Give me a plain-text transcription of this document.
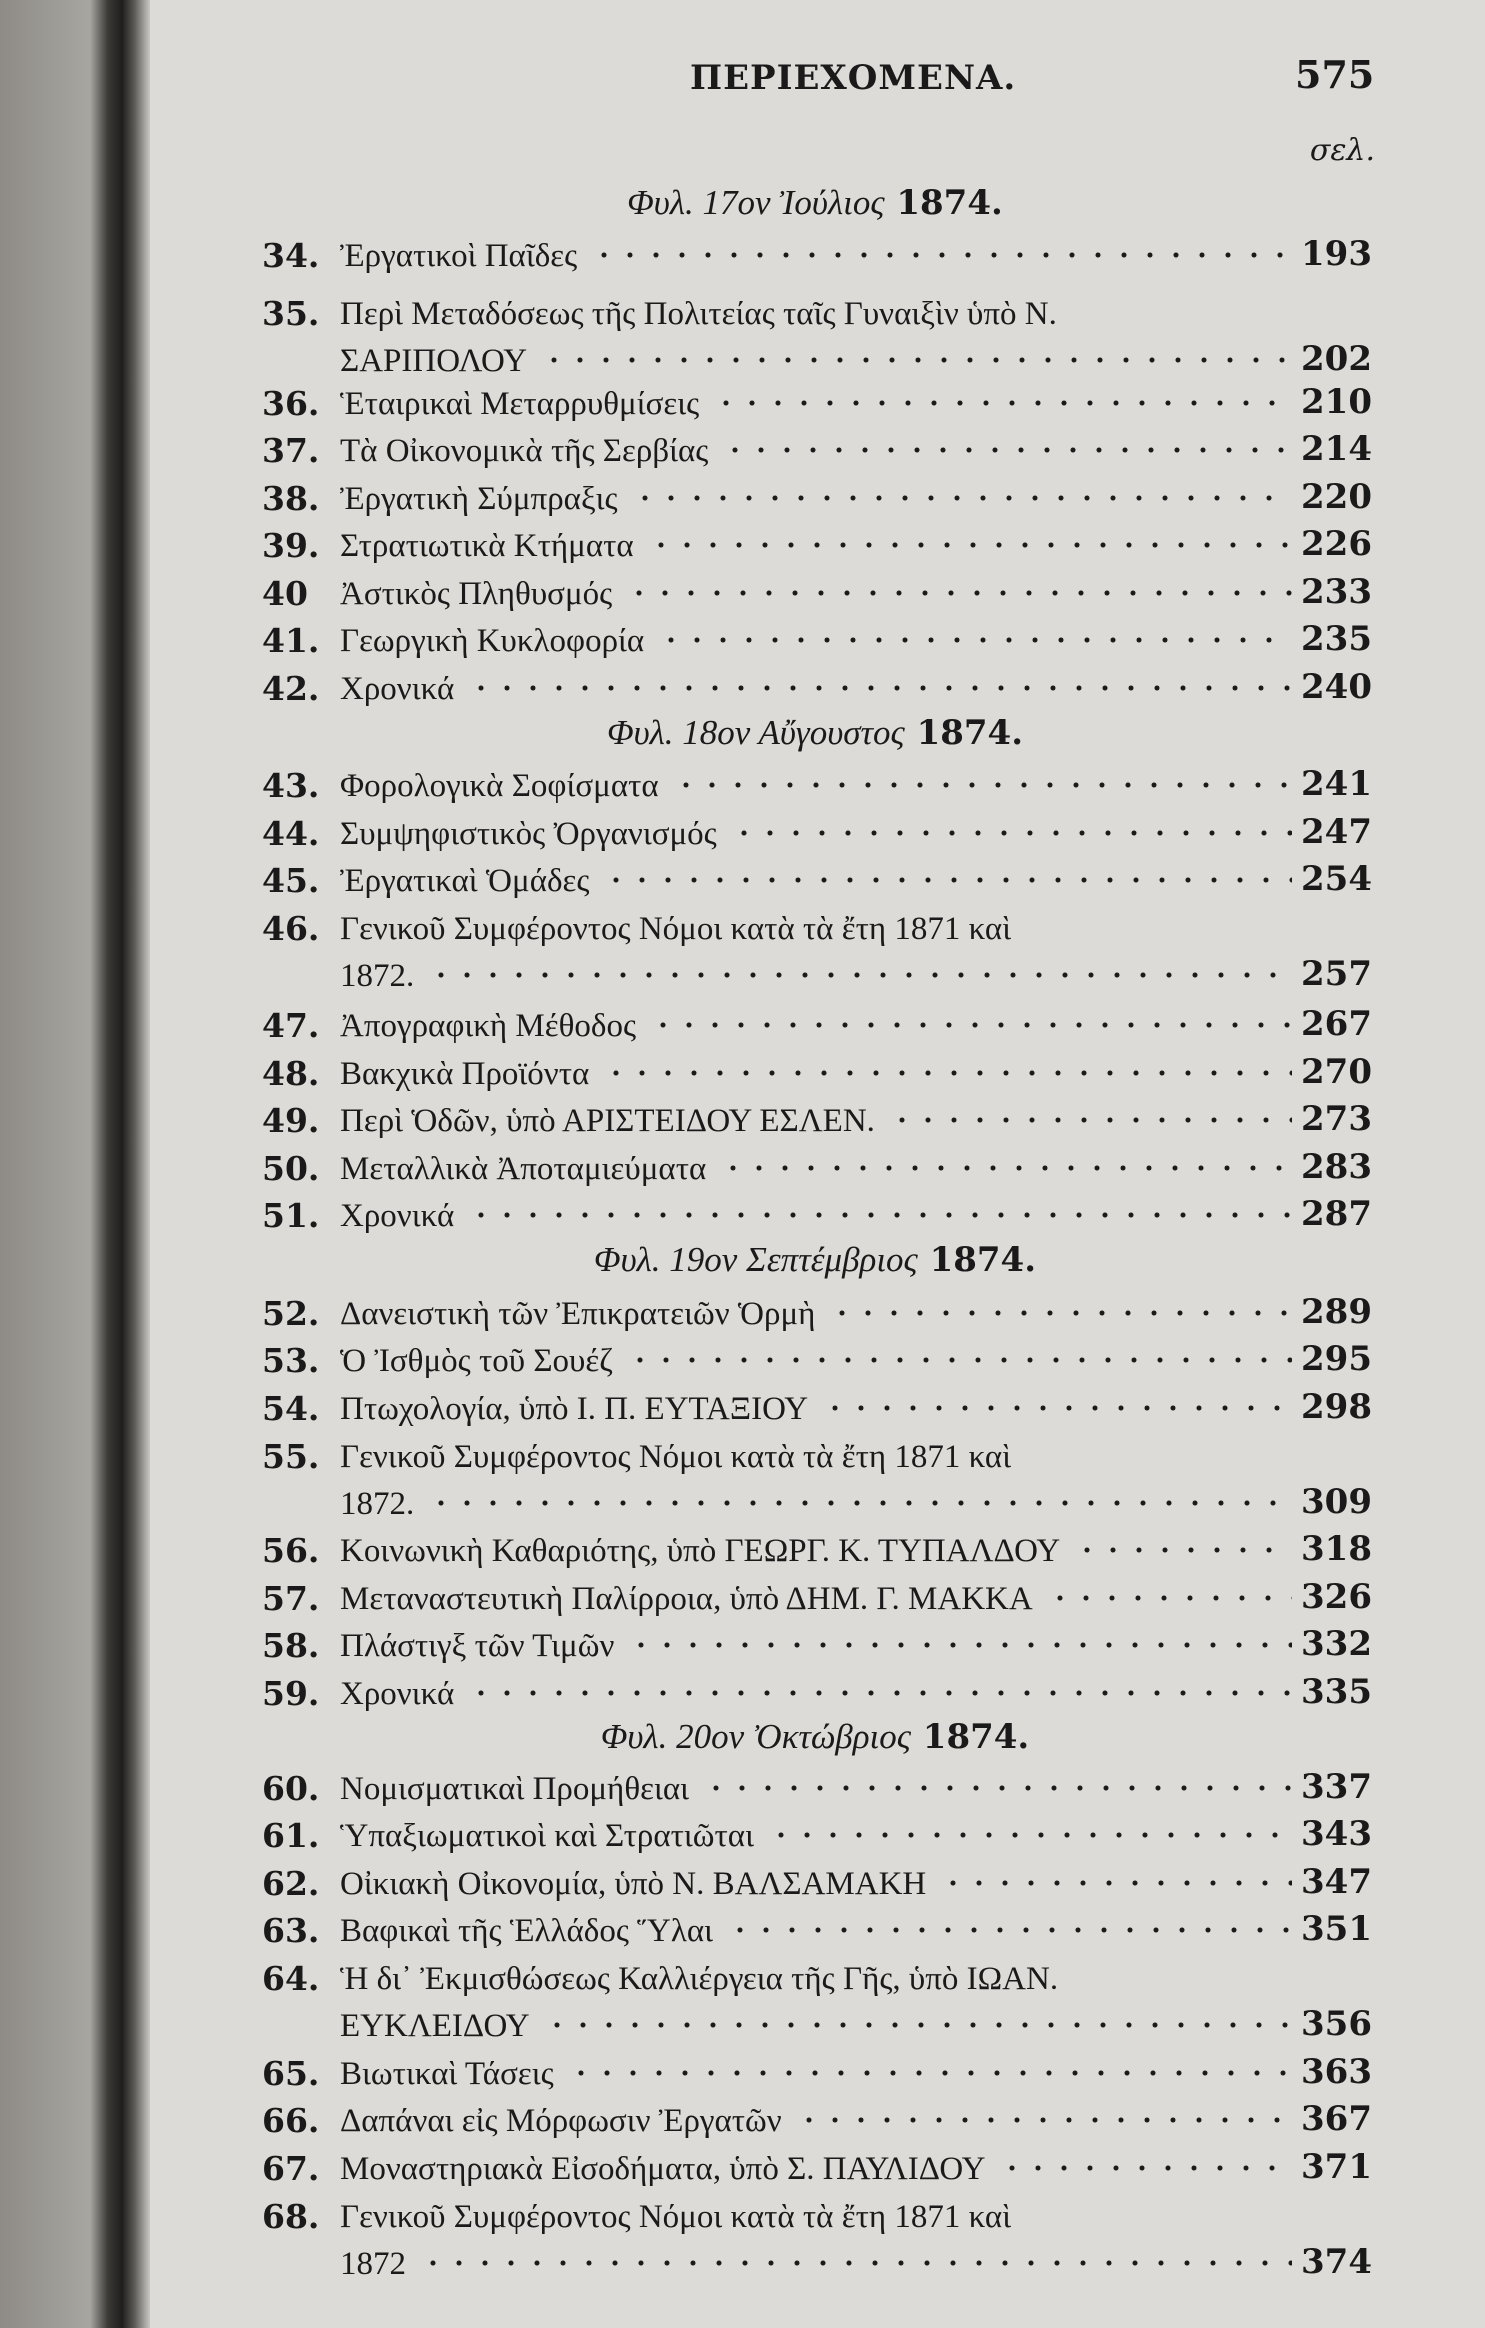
ΠΕΡΙΕΧΟΜΕΝΑ.	575
σελ.
Φυλ. 17ον Ἰούλιος 1874.
Φυλ. 18ον Αὔγουστος 1874.
Φυλ. 19ον Σεπτέμβριος 1874.
Φυλ. 20ον Ὀκτώβριος 1874.
34. Ἐργατικοὶ Παῖδες	193
35. Περὶ Μεταδόσεως τῆς Πολιτείας ταῖς Γυναιξὶν ὑπὸ Ν.
ΣΑΡΙΠΟΛΟΥ	202
36. Ἑταιρικαὶ Μεταρρυθμίσεις	210
37. Τὰ Οἰκονομικὰ τῆς Σερβίας	214
38. Ἐργατικὴ Σύμπραξις	220
39. Στρατιωτικὰ Κτήματα	226
40 Ἀστικὸς Πληθυσμός	233
41. Γεωργικὴ Κυκλοφορία	235
42. Χρονικά	240
43. Φορολογικὰ Σοφίσματα	241
44. Συμψηφιστικὸς Ὀργανισμός	247
45. Ἐργατικαὶ Ὁμάδες	254
46. Γενικοῦ Συμφέροντος Νόμοι κατὰ τὰ ἔτη 1871 καὶ
1872.	257
47. Ἀπογραφικὴ Μέθοδος	267
48. Βακχικὰ Προϊόντα	270
49. Περὶ Ὁδῶν, ὑπὸ ΑΡΙΣΤΕΙΔΟΥ ΕΣΛΕΝ.	273
50. Μεταλλικὰ Ἀποταμιεύματα	283
51. Χρονικά	287
52. Δανειστικὴ τῶν Ἐπικρατειῶν Ὁρμὴ	289
53. Ὁ Ἰσθμὸς τοῦ Σουέζ	295
54. Πτωχολογία, ὑπὸ Ι. Π. ΕΥΤΑΞΙΟΥ	298
55. Γενικοῦ Συμφέροντος Νόμοι κατὰ τὰ ἔτη 1871 καὶ
1872.	309
56. Κοινωνικὴ Καθαριότης, ὑπὸ ΓΕΩΡΓ. Κ. ΤΥΠΑΛΔΟΥ	318
57. Μεταναστευτικὴ Παλίρροια, ὑπὸ ΔΗΜ. Γ. ΜΑΚΚΑ	326
58. Πλάστιγξ τῶν Τιμῶν	332
59. Χρονικά	335
60. Νομισματικαὶ Προμήθειαι	337
61. Ὑπαξιωματικοὶ καὶ Στρατιῶται	343
62. Οἰκιακὴ Οἰκονομία, ὑπὸ Ν. ΒΑΛΣΑΜΑΚΗ	347
63. Βαφικαὶ τῆς Ἑλλάδος Ὕλαι	351
64. Ἡ δι᾽ Ἐκμισθώσεως Καλλιέργεια τῆς Γῆς, ὑπὸ ΙΩΑΝ.
ΕΥΚΛΕΙΔΟΥ	356
65. Βιωτικαὶ Τάσεις	363
66. Δαπάναι εἰς Μόρφωσιν Ἐργατῶν	367
67. Μοναστηριακὰ Εἰσοδήματα, ὑπὸ Σ. ΠΑΥΛΙΔΟΥ	371
68. Γενικοῦ Συμφέροντος Νόμοι κατὰ τὰ ἔτη 1871 καὶ
1872	374
